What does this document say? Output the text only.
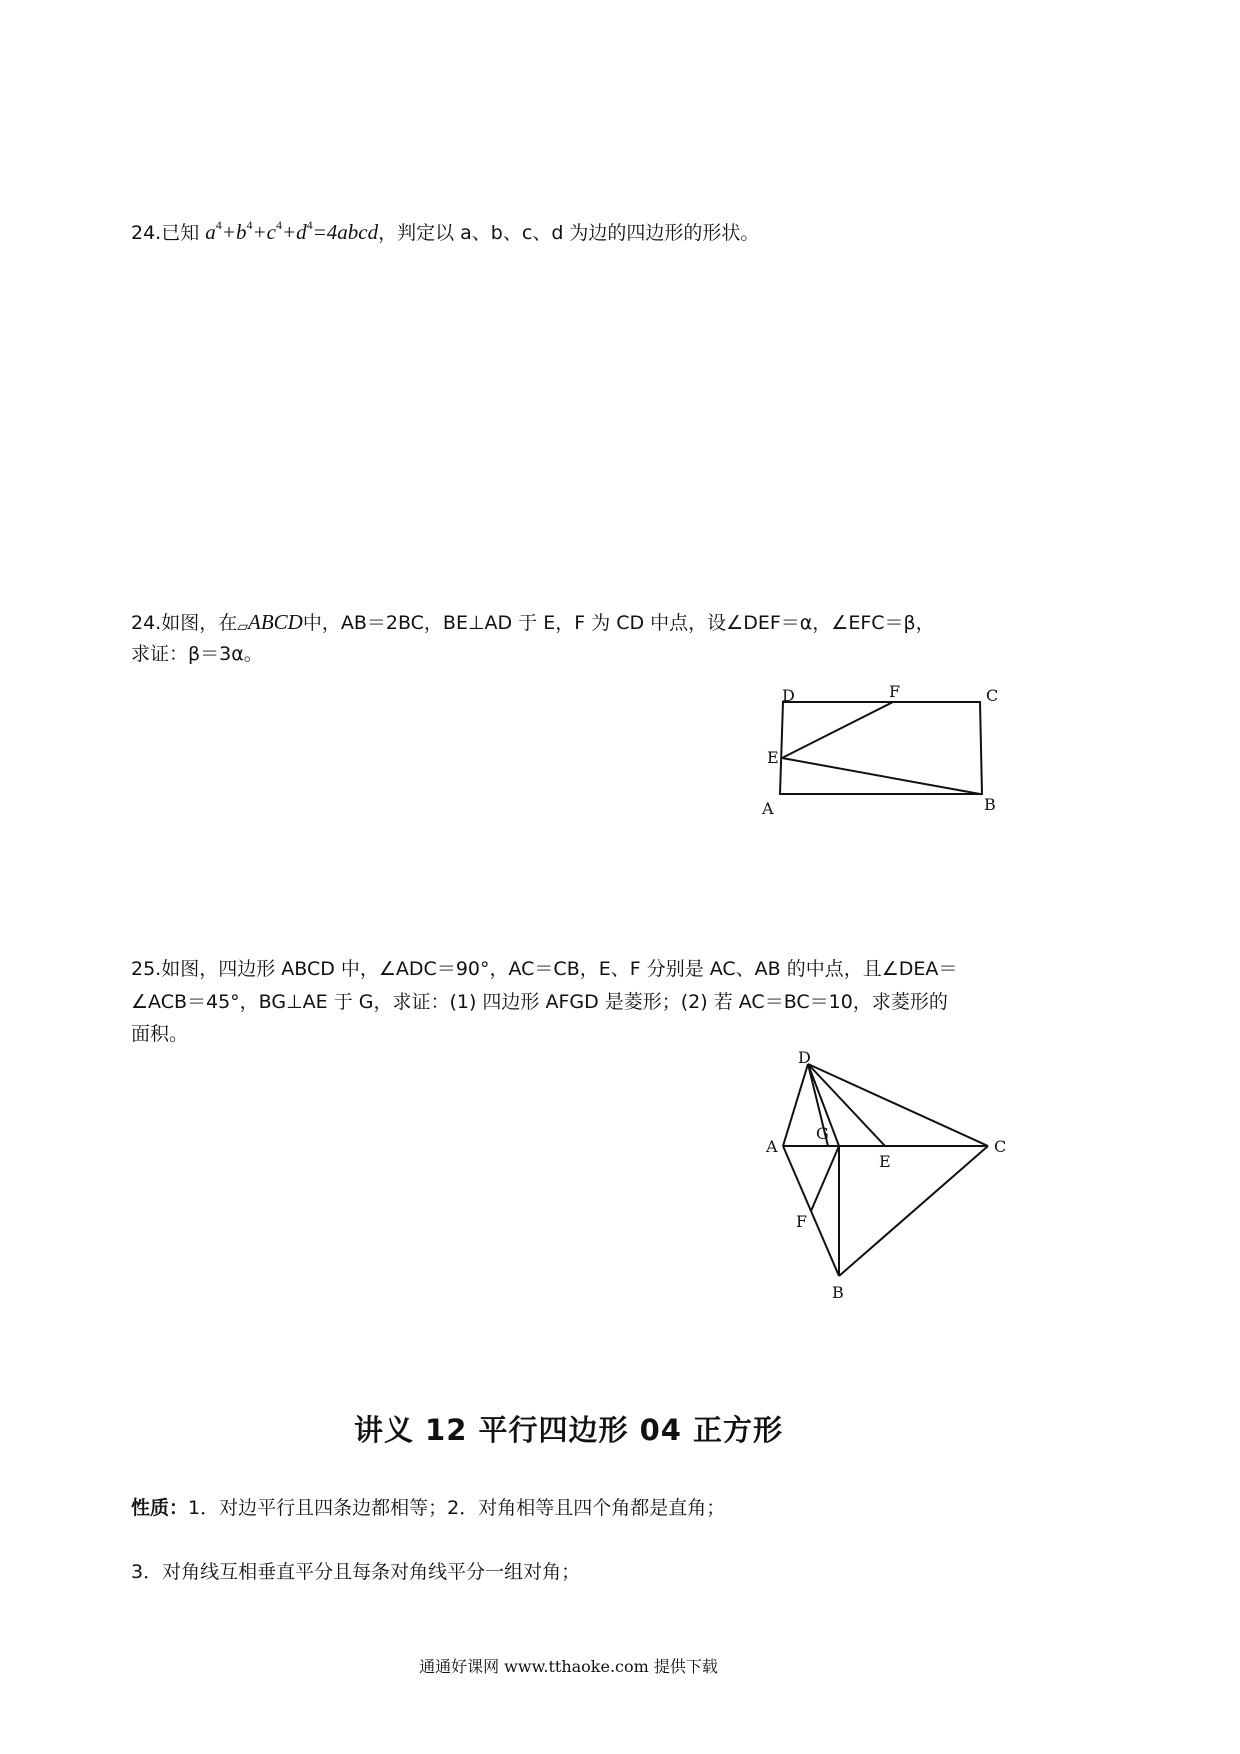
24.已知 $a^4+b^4+c^4+d^4=4abcd$，判定以 a、b、c、d 为边的四边形的形状。
24.如图，在▱ABCD中，AB＝2BC，BE⊥AD 于 E，F 为 CD 中点，设∠DEF＝α，∠EFC＝β，
求证：β＝3α。
D	F	C
E
A	B
25.如图，四边形 ABCD 中，∠ADC＝90°，AC＝CB，E、F 分别是 AC、AB 的中点，且∠DEA＝
∠ACB＝45°，BG⊥AE 于 G，求证：(1) 四边形 AFGD 是菱形；(2) 若 AC＝BC＝10，求菱形的
面积。
D
A
G
E
C
F
B
讲义 12 平行四边形 04 正方形
性质：1．对边平行且四条边都相等；2．对角相等且四个角都是直角；
3．对角线互相垂直平分且每条对角线平分一组对角；
通通好课网 www.tthaoke.com 提供下载
